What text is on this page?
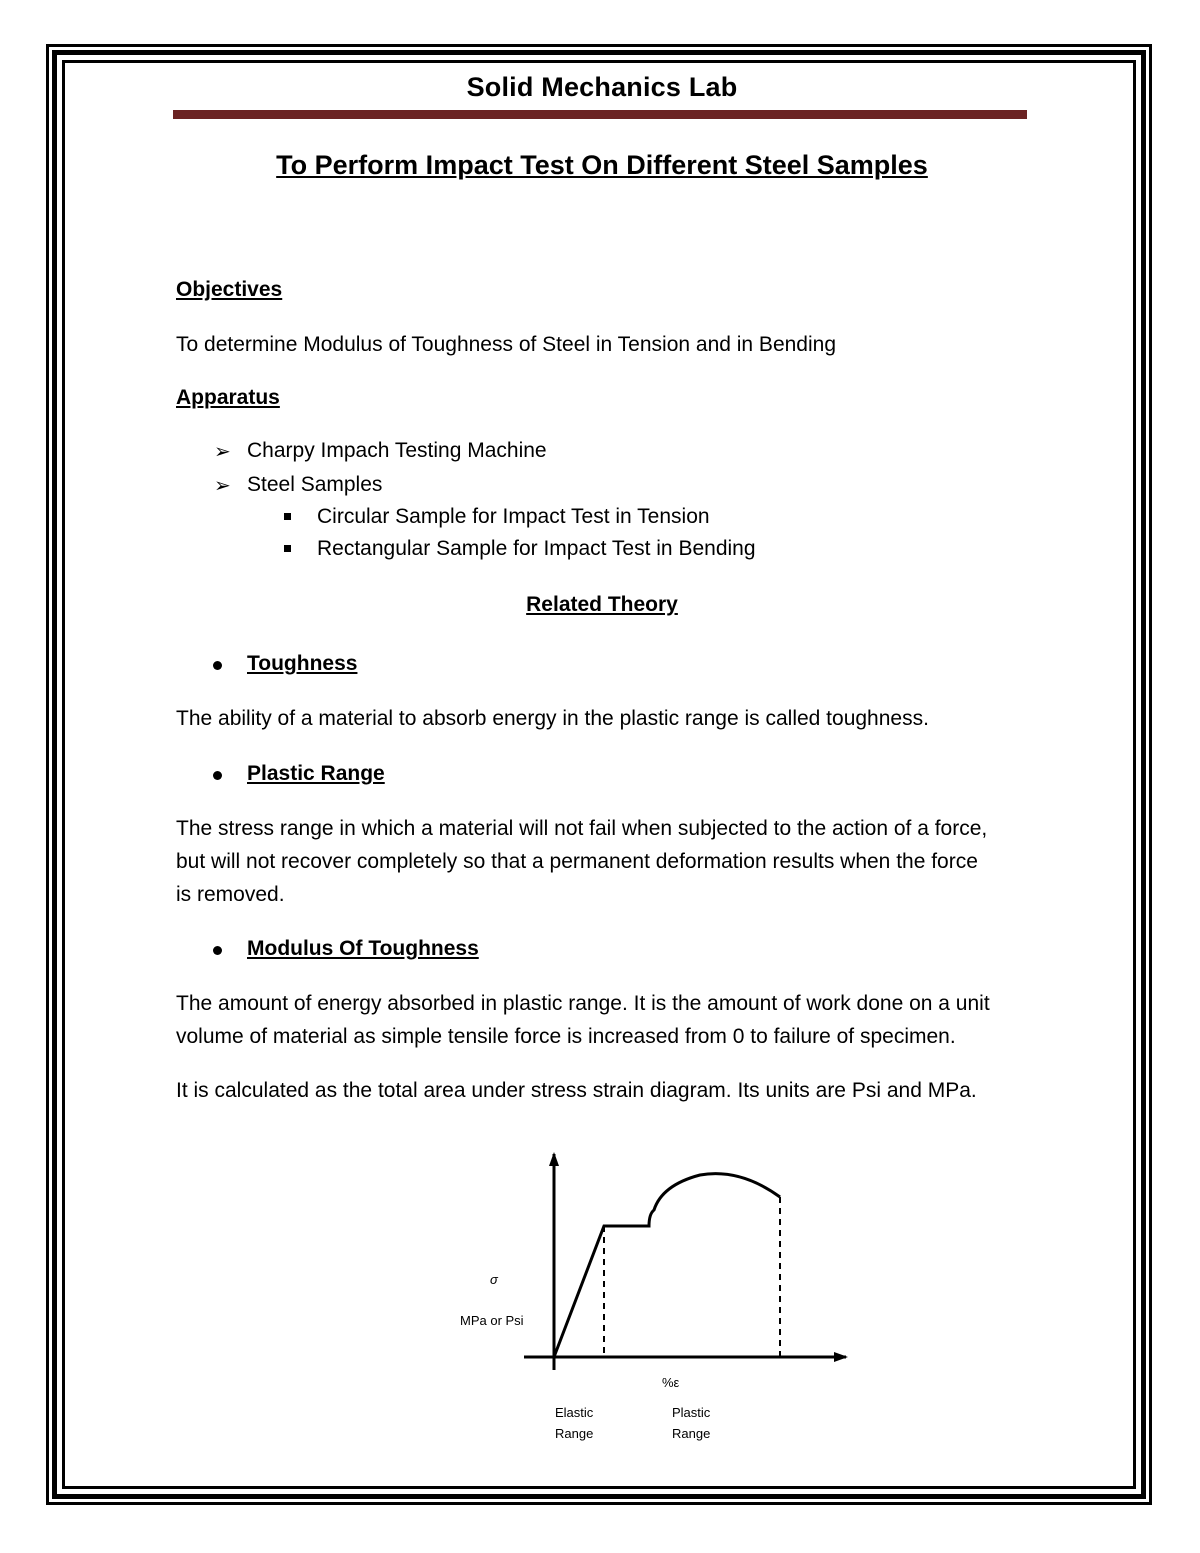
Solid Mechanics Lab
To Perform Impact Test On Different Steel Samples
Objectives
To determine Modulus of Toughness of Steel in Tension and in Bending
Apparatus
➢ Charpy Impach Testing Machine
➢ Steel Samples
Circular Sample for Impact Test in Tension
Rectangular Sample for Impact Test in Bending
Related Theory
Toughness
The ability of a material to absorb energy in the plastic range is called toughness.
Plastic Range
The stress range in which a material will not fail when subjected to the action of a force,
but will not recover completely so that a permanent deformation results when the force
is removed.
Modulus Of Toughness
The amount of energy absorbed in plastic range. It is the amount of work done on a unit
volume of material as simple tensile force is increased from 0 to failure of specimen.
It is calculated as the total area under stress strain diagram. Its units are Psi and MPa.
σ
MPa or Psi
%ε
Elastic
Range
Plastic
Range
